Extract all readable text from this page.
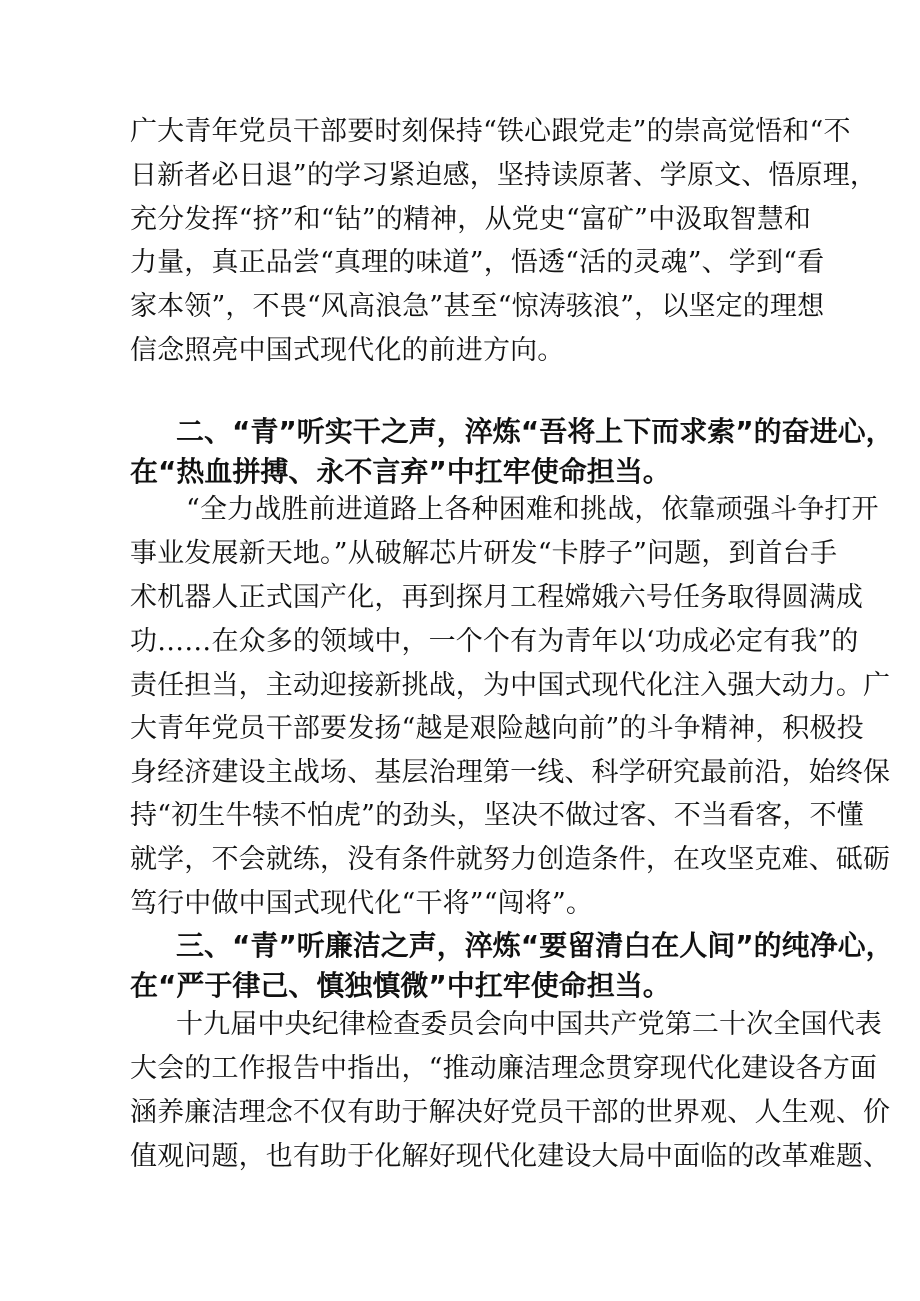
广大青年党员干部要时刻保持“铁心跟党走”的崇高觉悟和“不
日新者必日退”的学习紧迫感，坚持读原著、学原文、悟原理，
充分发挥“挤”和“钻”的精神，从党史“富矿”中汲取智慧和
力量，真正品尝“真理的味道”，悟透“活的灵魂”、学到“看
家本领”，不畏“风高浪急”甚至“惊涛骇浪”，以坚定的理想
信念照亮中国式现代化的前进方向。
二、“青”听实干之声，淬炼“吾将上下而求索”的奋进心，
在“热血拼搏、永不言弃”中扛牢使命担当。
“全力战胜前进道路上各种困难和挑战，依靠顽强斗争打开
事业发展新天地。”从破解芯片研发“卡脖子”问题，到首台手
术机器人正式国产化，再到探月工程嫦娥六号任务取得圆满成
功……在众多的领域中，一个个有为青年以‘功成必定有我”的
责任担当，主动迎接新挑战，为中国式现代化注入强大动力。广
大青年党员干部要发扬“越是艰险越向前”的斗争精神，积极投
身经济建设主战场、基层治理第一线、科学研究最前沿，始终保
持“初生牛犊不怕虎”的劲头，坚决不做过客、不当看客，不懂
就学，不会就练，没有条件就努力创造条件，在攻坚克难、砥砺
笃行中做中国式现代化“干将”“闯将”。
三、“青”听廉洁之声，淬炼“要留清白在人间”的纯净心，
在“严于律己、慎独慎微”中扛牢使命担当。
十九届中央纪律检查委员会向中国共产党第二十次全国代表
大会的工作报告中指出，“推动廉洁理念贯穿现代化建设各方面
涵养廉洁理念不仅有助于解决好党员干部的世界观、人生观、价
值观问题，也有助于化解好现代化建设大局中面临的改革难题、
